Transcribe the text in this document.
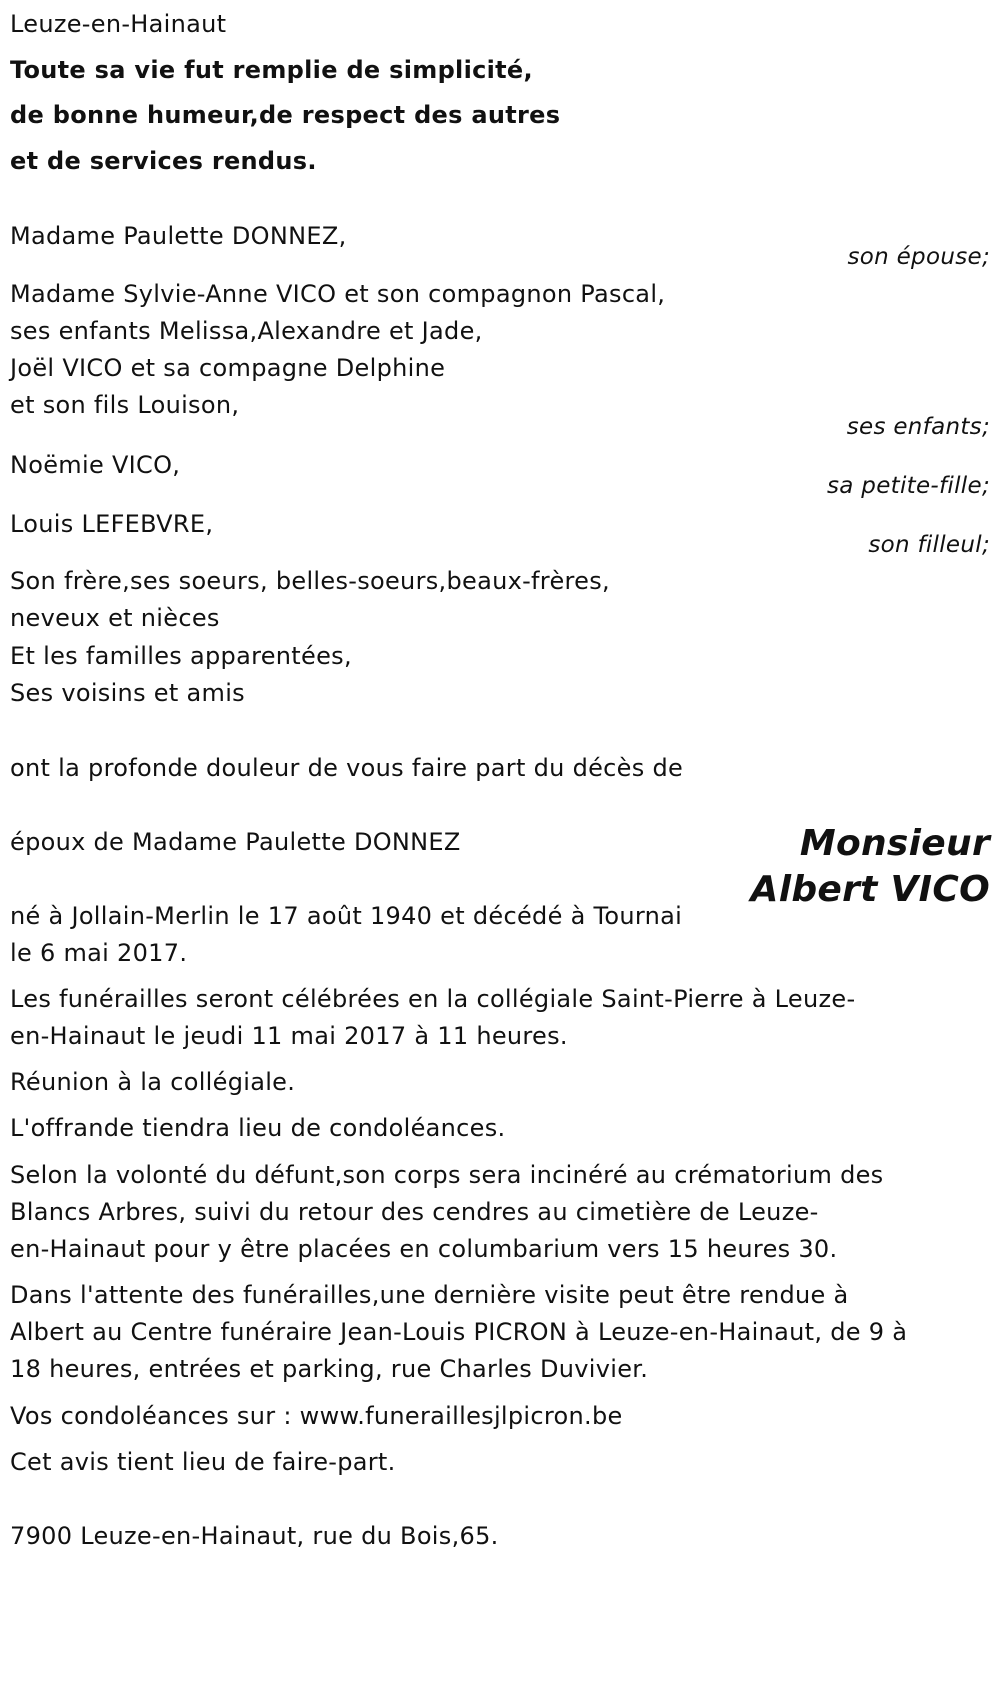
Leuze-en-Hainaut
Toute sa vie fut remplie de simplicité,
de bonne humeur,de respect des autres
et de services rendus.
Madame Paulette DONNEZ,
son épouse;
Madame Sylvie-Anne VICO et son compagnon Pascal,
ses enfants Melissa,Alexandre et Jade,
Joël VICO et sa compagne Delphine
et son fils Louison,
ses enfants;
Noëmie VICO,
sa petite-fille;
Louis LEFEBVRE,
son filleul;
Son frère,ses soeurs, belles-soeurs,beaux-frères,
neveux et nièces
Et les familles apparentées,
Ses voisins et amis
ont la profonde douleur de vous faire part du décès de
époux de Madame Paulette DONNEZ	Monsieur
Albert VICO
né à Jollain-Merlin le 17 août 1940 et décédé à Tournai
le 6 mai 2017.
Les funérailles seront célébrées en la collégiale Saint-Pierre à Leuze-
en-Hainaut le jeudi 11 mai 2017 à 11 heures.
Réunion à la collégiale.
L'offrande tiendra lieu de condoléances.
Selon la volonté du défunt,son corps sera incinéré au crématorium des
Blancs Arbres, suivi du retour des cendres au cimetière de Leuze-
en-Hainaut pour y être placées en columbarium vers 15 heures 30.
Dans l'attente des funérailles,une dernière visite peut être rendue à
Albert au Centre funéraire Jean-Louis PICRON à Leuze-en-Hainaut, de 9 à
18 heures, entrées et parking, rue Charles Duvivier.
Vos condoléances sur : www.funeraillesjlpicron.be
Cet avis tient lieu de faire-part.
7900 Leuze-en-Hainaut, rue du Bois,65.
